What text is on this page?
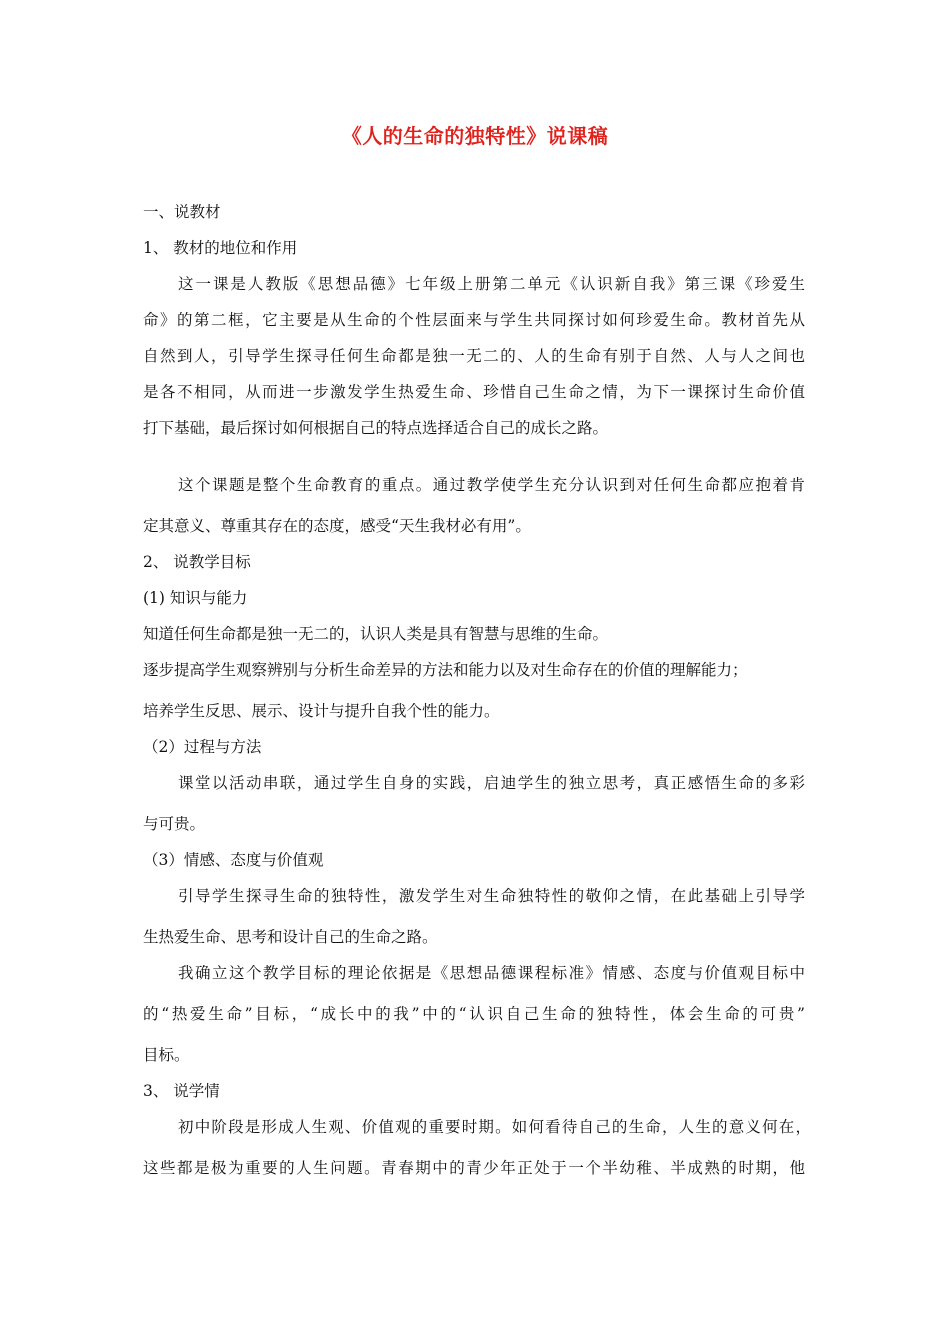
《人的生命的独特性》说课稿
一、说教材
1、 教材的地位和作用
这一课是人教版《思想品德》七年级上册第二单元《认识新自我》第三课《珍爱生
命》的第二框，它主要是从生命的个性层面来与学生共同探讨如何珍爱生命。教材首先从
自然到人，引导学生探寻任何生命都是独一无二的、人的生命有别于自然、人与人之间也
是各不相同，从而进一步激发学生热爱生命、珍惜自己生命之情，为下一课探讨生命价值
打下基础，最后探讨如何根据自己的特点选择适合自己的成长之路。
这个课题是整个生命教育的重点。通过教学使学生充分认识到对任何生命都应抱着肯
定其意义、尊重其存在的态度，感受“天生我材必有用”。
2、 说教学目标
(1) 知识与能力
知道任何生命都是独一无二的，认识人类是具有智慧与思维的生命。
逐步提高学生观察辨别与分析生命差异的方法和能力以及对生命存在的价值的理解能力；
培养学生反思、展示、设计与提升自我个性的能力。
（2）过程与方法
课堂以活动串联，通过学生自身的实践，启迪学生的独立思考，真正感悟生命的多彩
与可贵。
（3）情感、态度与价值观
引导学生探寻生命的独特性，激发学生对生命独特性的敬仰之情，在此基础上引导学
生热爱生命、思考和设计自己的生命之路。
我确立这个教学目标的理论依据是《思想品德课程标准》情感、态度与价值观目标中
的“热爱生命”目标，“成长中的我”中的“认识自己生命的独特性，体会生命的可贵”
目标。
3、 说学情
初中阶段是形成人生观、价值观的重要时期。如何看待自己的生命，人生的意义何在，
这些都是极为重要的人生问题。青春期中的青少年正处于一个半幼稚、半成熟的时期，他
